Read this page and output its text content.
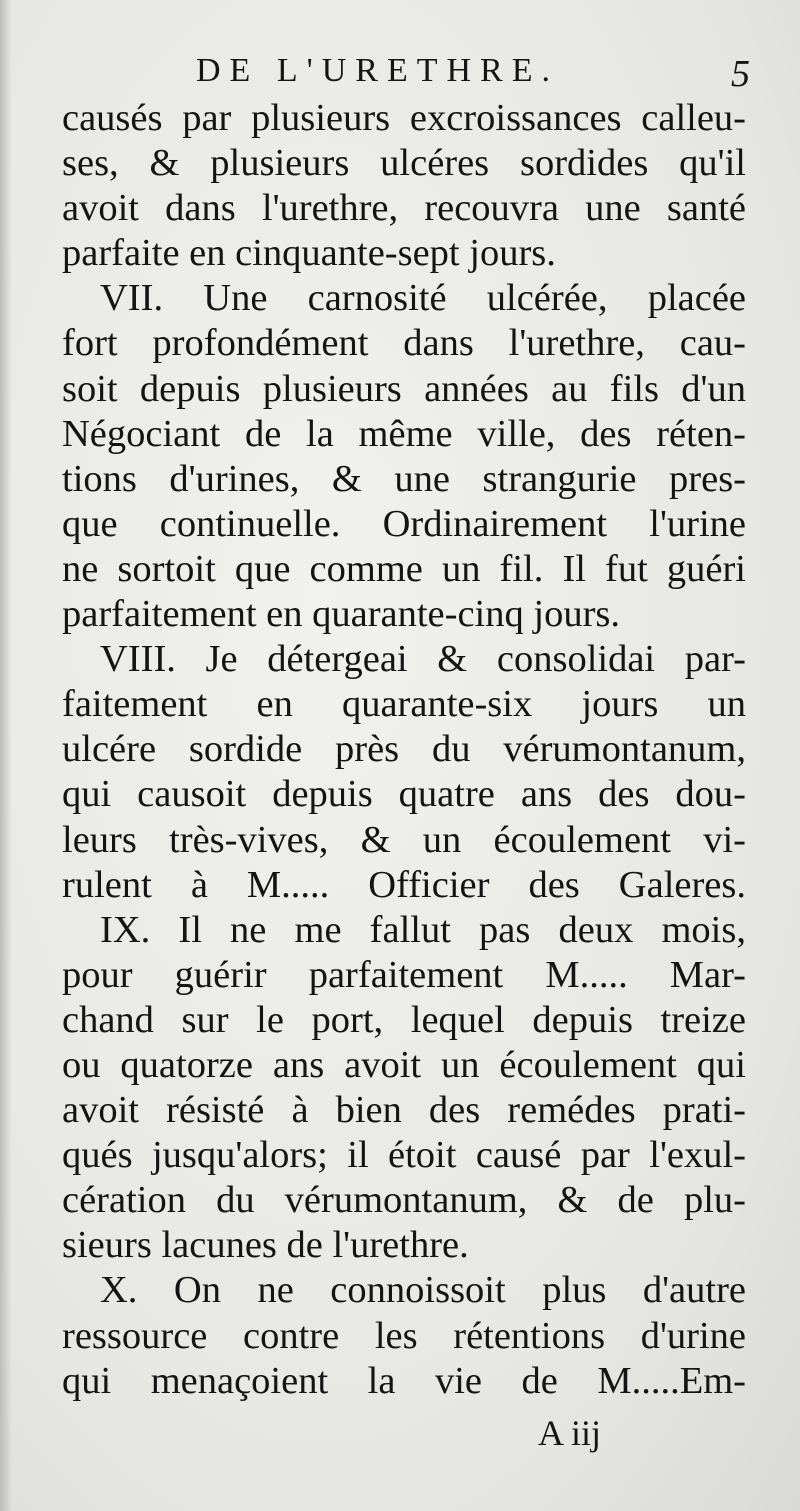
DE L'URETHRE.	5
causés par plusieurs excroissances calleu-
ses, & plusieurs ulcéres sordides qu'il
avoit dans l'urethre, recouvra une santé
parfaite en cinquante-sept jours.
VII. Une carnosité ulcérée, placée
fort profondément dans l'urethre, cau-
soit depuis plusieurs années au fils d'un
Négociant de la même ville, des réten-
tions d'urines, & une strangurie pres-
que continuelle. Ordinairement l'urine
ne sortoit que comme un fil. Il fut guéri
parfaitement en quarante-cinq jours.
VIII. Je détergeai & consolidai par-
faitement en quarante-six jours un
ulcére sordide près du vérumontanum,
qui causoit depuis quatre ans des dou-
leurs très-vives, & un écoulement vi-
rulent à M..... Officier des Galeres.
IX. Il ne me fallut pas deux mois,
pour guérir parfaitement M..... Mar-
chand sur le port, lequel depuis treize
ou quatorze ans avoit un écoulement qui
avoit résisté à bien des remédes prati-
qués jusqu'alors; il étoit causé par l'exul-
cération du vérumontanum, & de plu-
sieurs lacunes de l'urethre.
X. On ne connoissoit plus d'autre
ressource contre les rétentions d'urine
qui menaçoient la vie de M.....Em-
A iij
